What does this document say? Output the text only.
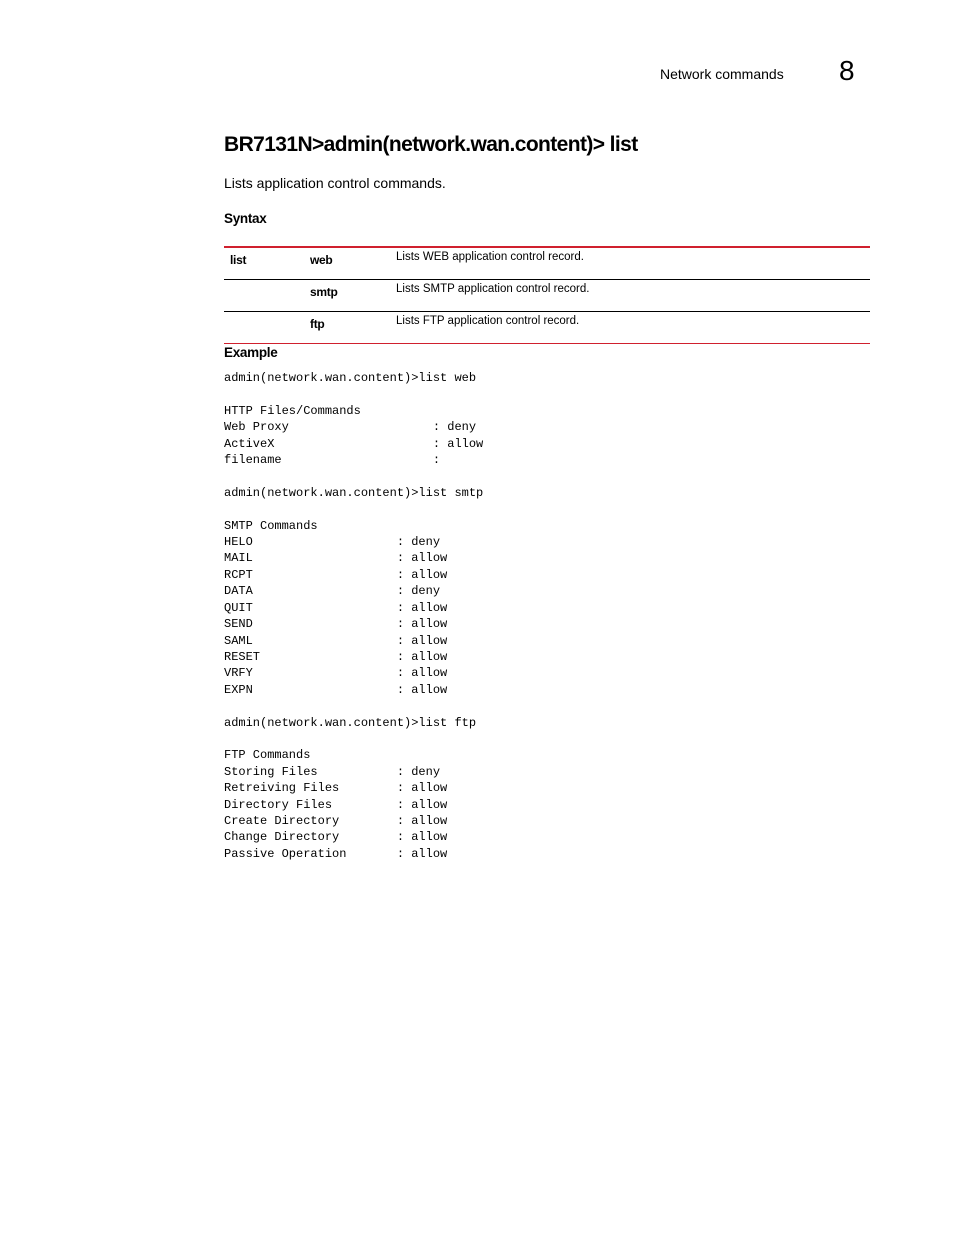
Network commands 8
BR7131N>admin(network.wan.content)> list
Lists application control commands.
Syntax
list	web	Lists WEB application control record.
	smtp	Lists SMTP application control record.
	ftp	Lists FTP application control record.
Example
admin(network.wan.content)>list web

HTTP Files/Commands
Web Proxy                    : deny
ActiveX                      : allow
filename                     :

admin(network.wan.content)>list smtp

SMTP Commands
HELO                    : deny
MAIL                    : allow
RCPT                    : allow
DATA                    : deny
QUIT                    : allow
SEND                    : allow
SAML                    : allow
RESET                   : allow
VRFY                    : allow
EXPN                    : allow

admin(network.wan.content)>list ftp

FTP Commands
Storing Files           : deny
Retreiving Files        : allow
Directory Files         : allow
Create Directory        : allow
Change Directory        : allow
Passive Operation       : allow
